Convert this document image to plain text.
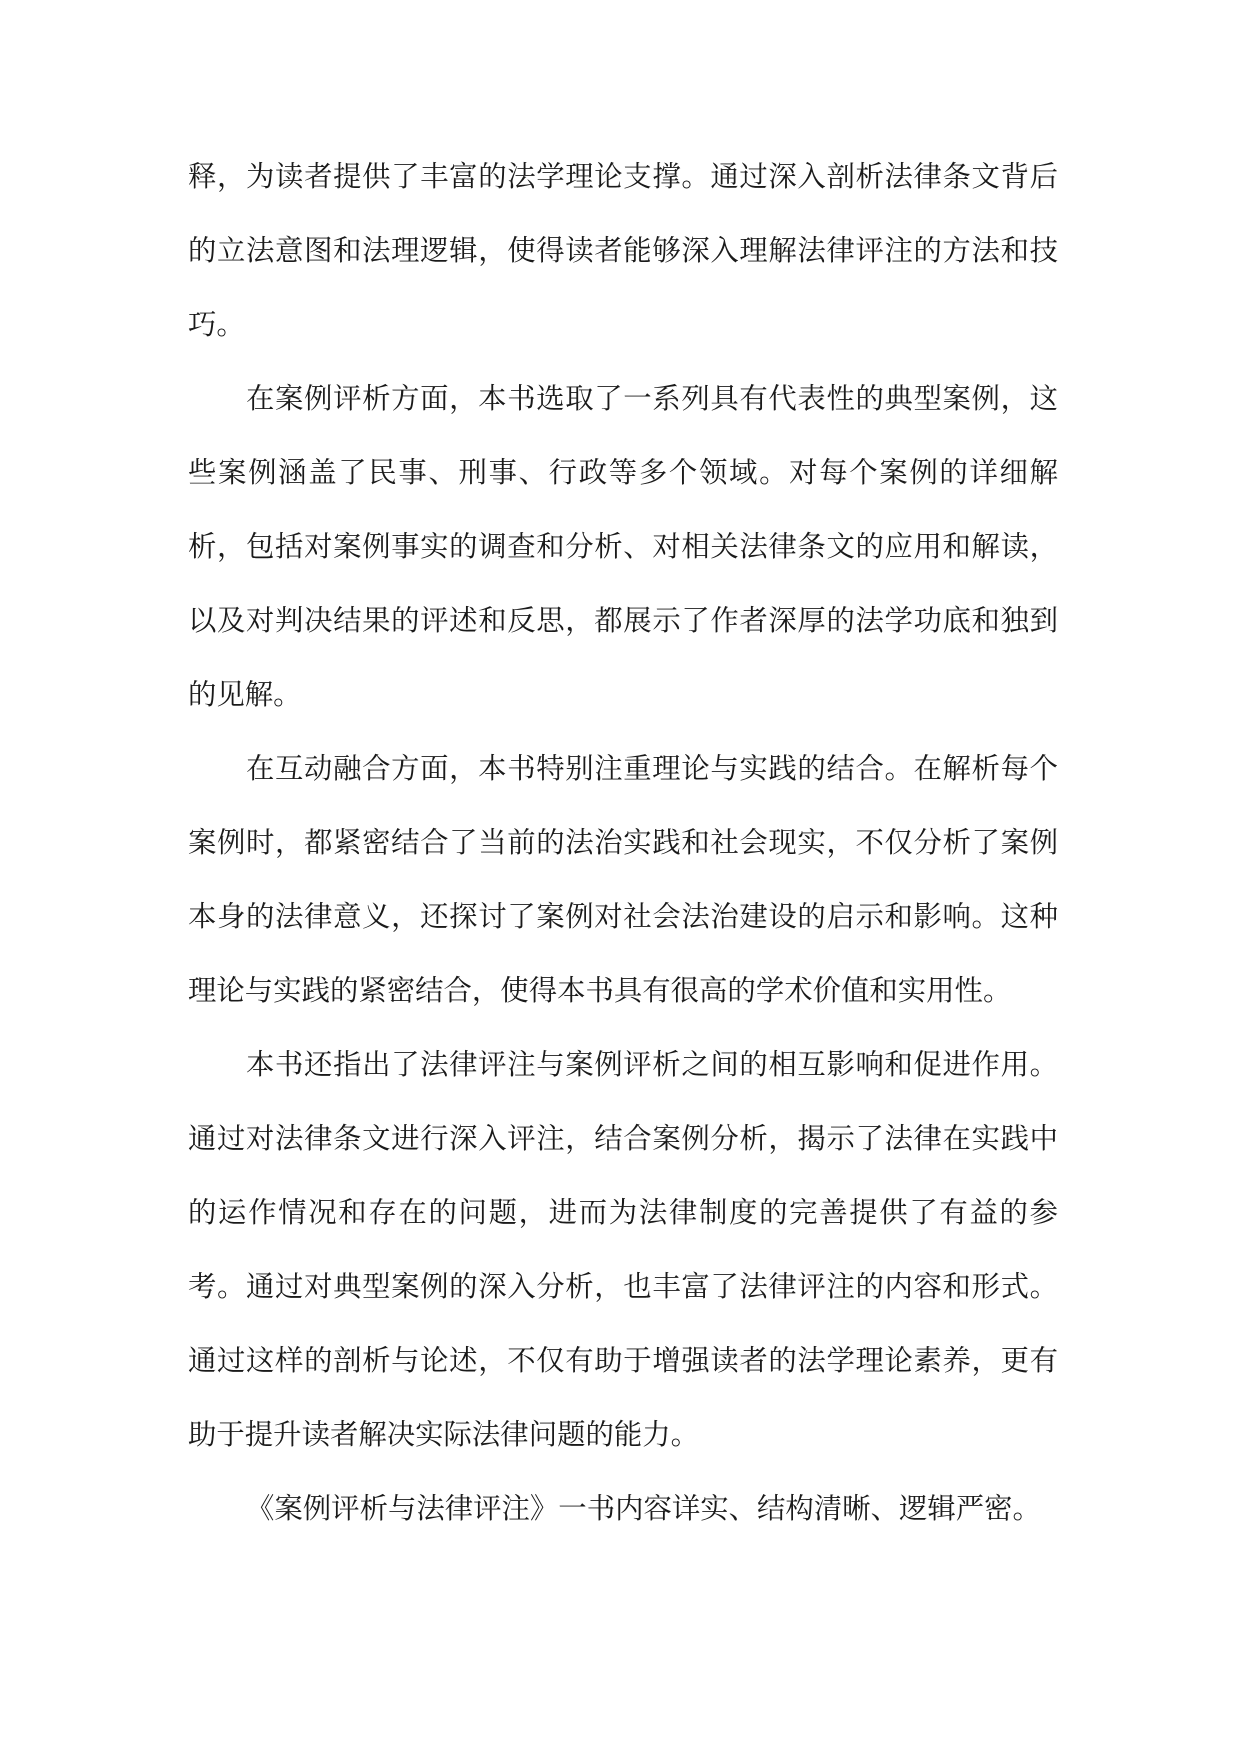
释，为读者提供了丰富的法学理论支撑。通过深入剖析法律条文背后的立法意图和法理逻辑，使得读者能够深入理解法律评注的方法和技巧。

在案例评析方面，本书选取了一系列具有代表性的典型案例，这些案例涵盖了民事、刑事、行政等多个领域。对每个案例的详细解析，包括对案例事实的调查和分析、对相关法律条文的应用和解读，以及对判决结果的评述和反思，都展示了作者深厚的法学功底和独到的见解。

在互动融合方面，本书特别注重理论与实践的结合。在解析每个案例时，都紧密结合了当前的法治实践和社会现实，不仅分析了案例本身的法律意义，还探讨了案例对社会法治建设的启示和影响。这种理论与实践的紧密结合，使得本书具有很高的学术价值和实用性。

本书还指出了法律评注与案例评析之间的相互影响和促进作用。通过对法律条文进行深入评注，结合案例分析，揭示了法律在实践中的运作情况和存在的问题，进而为法律制度的完善提供了有益的参考。通过对典型案例的深入分析，也丰富了法律评注的内容和形式。通过这样的剖析与论述，不仅有助于增强读者的法学理论素养，更有助于提升读者解决实际法律问题的能力。

《案例评析与法律评注》一书内容详实、结构清晰、逻辑严密。
